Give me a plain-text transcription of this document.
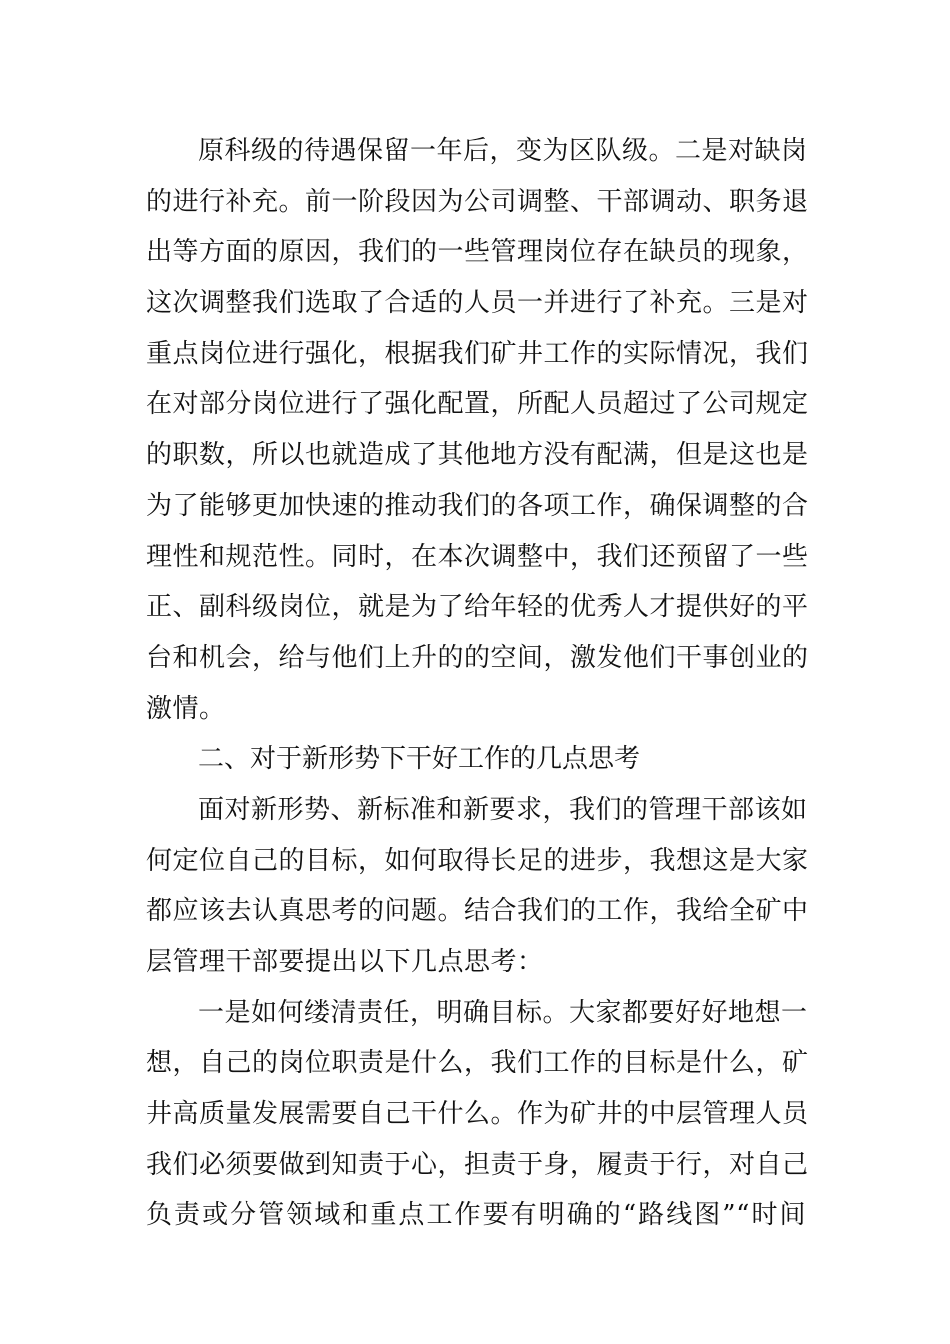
原科级的待遇保留一年后，变为区队级。二是对缺岗
的进行补充。前一阶段因为公司调整、干部调动、职务退
出等方面的原因，我们的一些管理岗位存在缺员的现象，
这次调整我们选取了合适的人员一并进行了补充。三是对
重点岗位进行强化，根据我们矿井工作的实际情况，我们
在对部分岗位进行了强化配置，所配人员超过了公司规定
的职数，所以也就造成了其他地方没有配满，但是这也是
为了能够更加快速的推动我们的各项工作，确保调整的合
理性和规范性。同时，在本次调整中，我们还预留了一些
正、副科级岗位，就是为了给年轻的优秀人才提供好的平
台和机会，给与他们上升的的空间，激发他们干事创业的
激情。
二、对于新形势下干好工作的几点思考
面对新形势、新标准和新要求，我们的管理干部该如
何定位自己的目标，如何取得长足的进步，我想这是大家
都应该去认真思考的问题。结合我们的工作，我给全矿中
层管理干部要提出以下几点思考：
一是如何缕清责任，明确目标。大家都要好好地想一
想，自己的岗位职责是什么，我们工作的目标是什么，矿
井高质量发展需要自己干什么。作为矿井的中层管理人员
我们必须要做到知责于心，担责于身，履责于行，对自己
负责或分管领域和重点工作要有明确的“路线图”“时间
